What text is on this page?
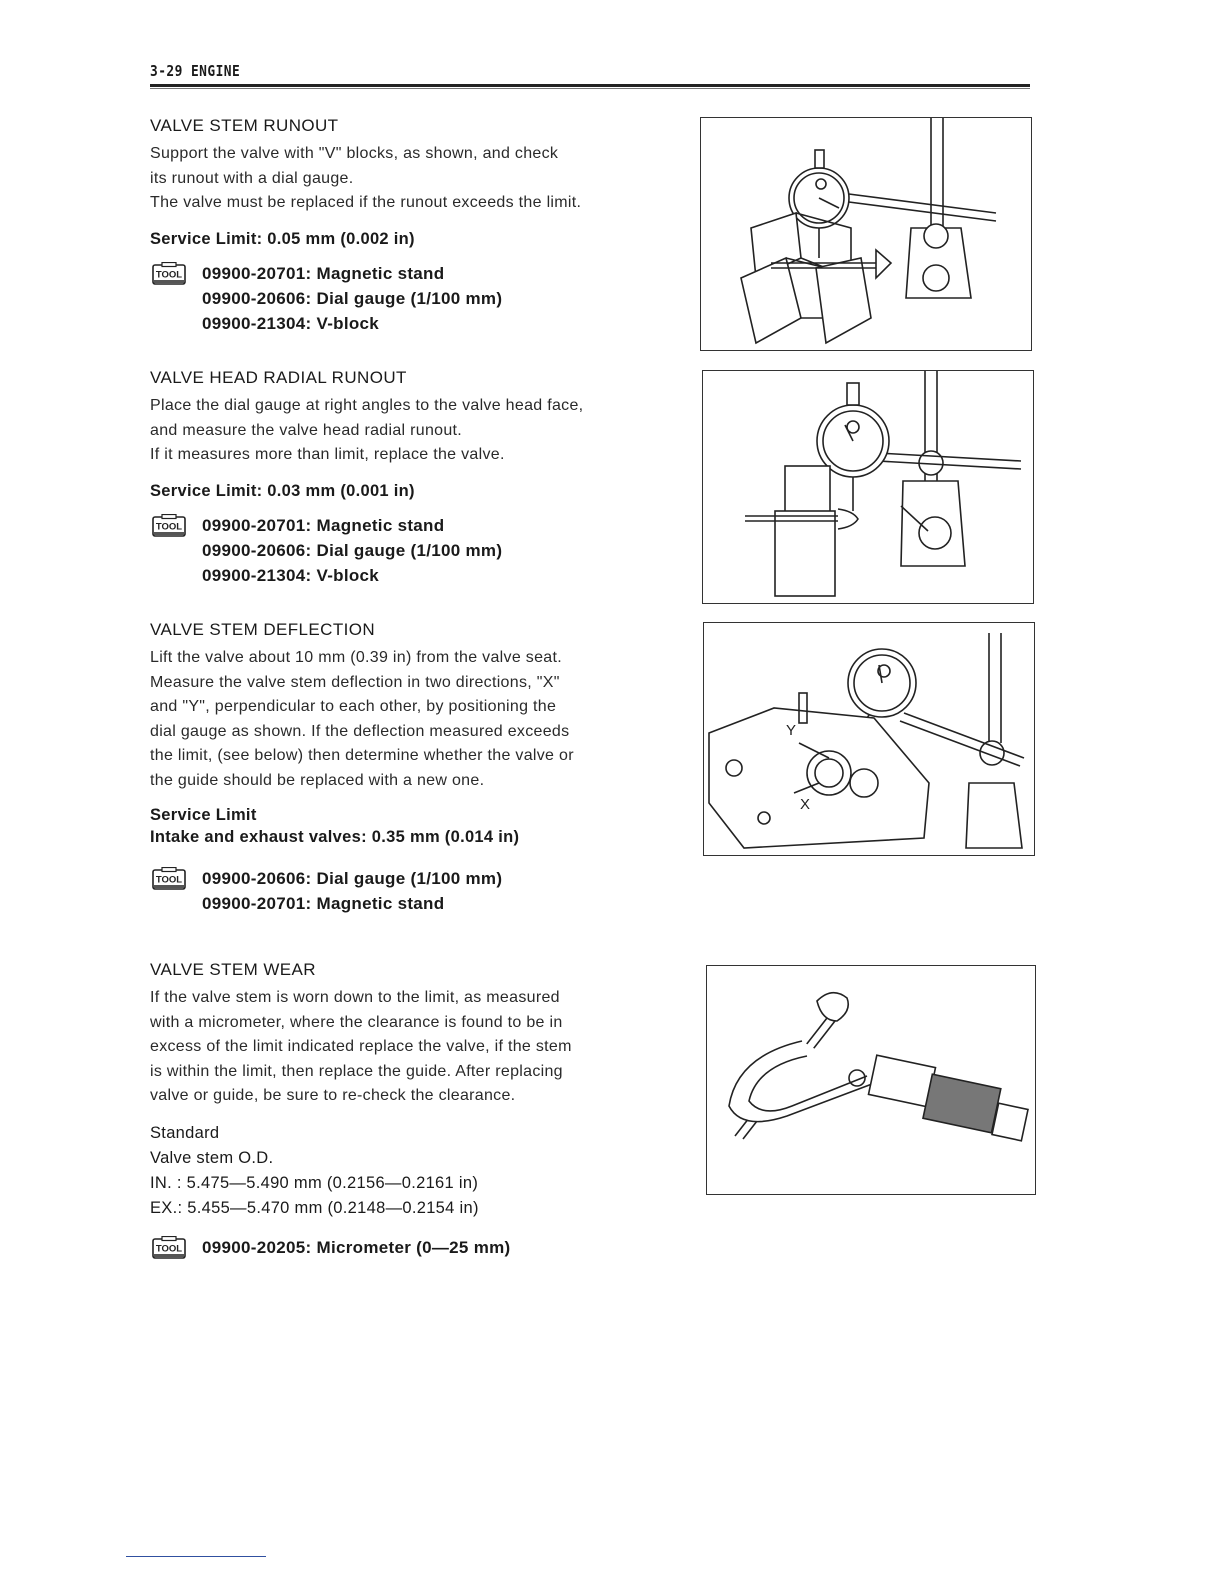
3-29 ENGINE
VALVE STEM RUNOUT

Support the valve with "V" blocks, as shown, and check

its runout with a dial gauge.

The valve must be replaced if the runout exceeds the limit.

Service Limit: 0.05 mm (0.002 in)

TOOL 09900-20701: Magnetic stand
09900-20606: Dial gauge (1/100 mm)
09900-21304: V-block
VALVE HEAD RADIAL RUNOUT

Place the dial gauge at right angles to the valve head face,

and measure the valve head radial runout.

If it measures more than limit, replace the valve.

Service Limit: 0.03 mm (0.001 in)

TOOL 09900-20701: Magnetic stand
09900-20606: Dial gauge (1/100 mm)
09900-21304: V-block
VALVE STEM DEFLECTION

Lift the valve about 10 mm (0.39 in) from the valve seat.

Measure the valve stem deflection in two directions, "X"

and "Y", perpendicular to each other, by positioning the

dial gauge as shown. If the deflection measured exceeds

the limit, (see below) then determine whether the valve or

the guide should be replaced with a new one.

Service Limit

Intake and exhaust valves: 0.35 mm (0.014 in)

TOOL 09900-20606: Dial gauge (1/100 mm)
09900-20701: Magnetic stand
X
Y
VALVE STEM WEAR

If the valve stem is worn down to the limit, as measured

with a micrometer, where the clearance is found to be in

excess of the limit indicated replace the valve, if the stem

is within the limit, then replace the guide. After replacing

valve or guide, be sure to re-check the clearance.

Standard

Valve stem O.D.

IN. : 5.475—5.490 mm (0.2156—0.2161 in)

EX.: 5.455—5.470 mm (0.2148—0.2154 in)

TOOL 09900-20205: Micrometer (0—25 mm)
